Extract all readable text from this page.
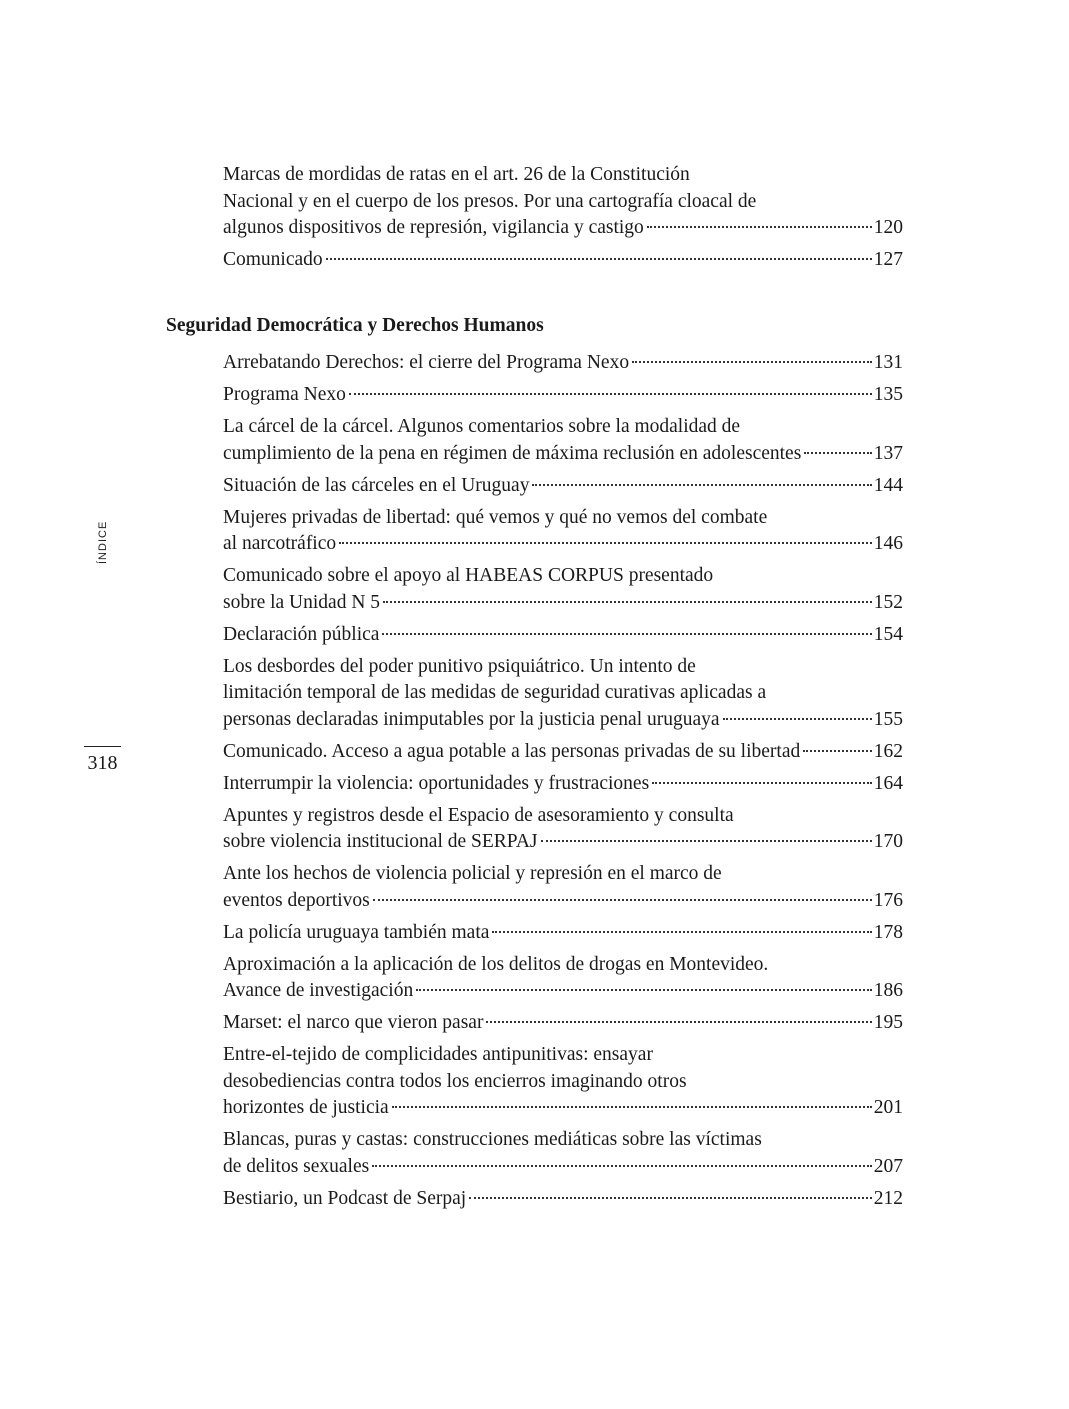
ÍNDICE
318
Marcas de mordidas de ratas en el art. 26 de la Constitución
Nacional y en el cuerpo de los presos. Por una cartografía cloacal de
algunos dispositivos de represión, vigilancia y castigo	120
Comunicado	127
Seguridad Democrática y Derechos Humanos
Arrebatando Derechos: el cierre del Programa Nexo	131
Programa Nexo	135
La cárcel de la cárcel. Algunos comentarios sobre la modalidad de
cumplimiento de la pena en régimen de máxima reclusión en adolescentes	137
Situación de las cárceles en el Uruguay	144
Mujeres privadas de libertad: qué vemos y qué no vemos del combate
al narcotráfico	146
Comunicado sobre el apoyo al HABEAS CORPUS presentado
sobre la Unidad N 5	152
Declaración pública	154
Los desbordes del poder punitivo psiquiátrico. Un intento de
limitación temporal de las medidas de seguridad curativas aplicadas a
personas declaradas inimputables por la justicia penal uruguaya	155
Comunicado. Acceso a agua potable a las personas privadas de su libertad	162
Interrumpir la violencia: oportunidades y frustraciones	164
Apuntes y registros desde el Espacio de asesoramiento y consulta
sobre violencia institucional de SERPAJ	170
Ante los hechos de violencia policial y represión en el marco de
eventos deportivos	176
La policía uruguaya también mata	178
Aproximación a la aplicación de los delitos de drogas en Montevideo.
Avance de investigación	186
Marset: el narco que vieron pasar	195
Entre-el-tejido de complicidades antipunitivas: ensayar
desobediencias contra todos los encierros imaginando otros
horizontes de justicia	201
Blancas, puras y castas: construcciones mediáticas sobre las víctimas
de delitos sexuales	207
Bestiario, un Podcast de Serpaj	212
